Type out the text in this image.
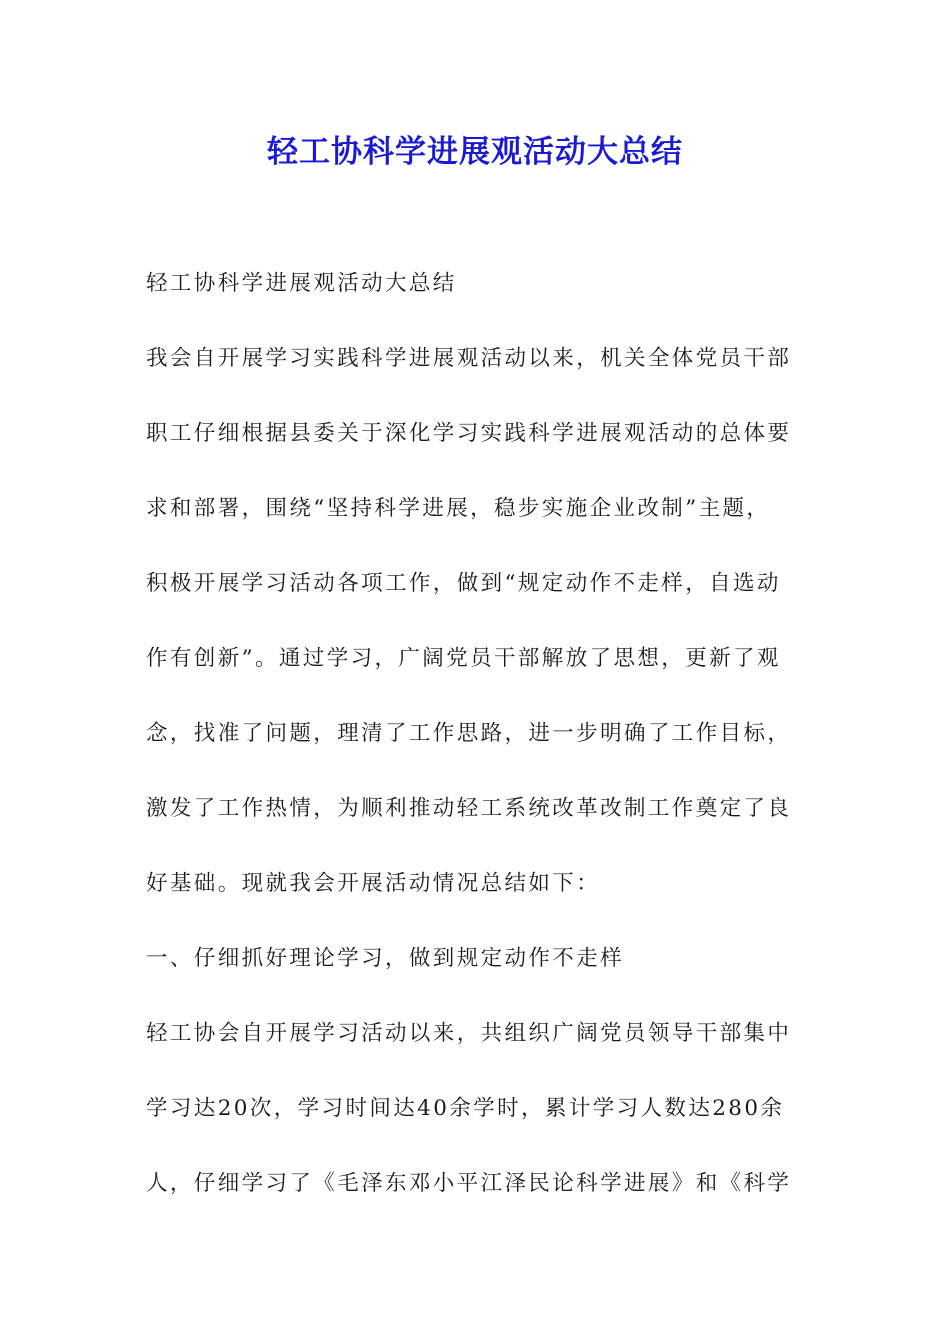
轻工协科学进展观活动大总结
轻工协科学进展观活动大总结
我会自开展学习实践科学进展观活动以来，机关全体党员干部
职工仔细根据县委关于深化学习实践科学进展观活动的总体要
求和部署，围绕“坚持科学进展，稳步实施企业改制”主题，
积极开展学习活动各项工作，做到“规定动作不走样，自选动
作有创新”。通过学习，广阔党员干部解放了思想，更新了观
念，找准了问题，理清了工作思路，进一步明确了工作目标，
激发了工作热情，为顺利推动轻工系统改革改制工作奠定了良
好基础。现就我会开展活动情况总结如下：
一、仔细抓好理论学习，做到规定动作不走样
轻工协会自开展学习活动以来，共组织广阔党员领导干部集中
学习达20次，学习时间达40余学时，累计学习人数达280余
人，仔细学习了《毛泽东邓小平江泽民论科学进展》和《科学
